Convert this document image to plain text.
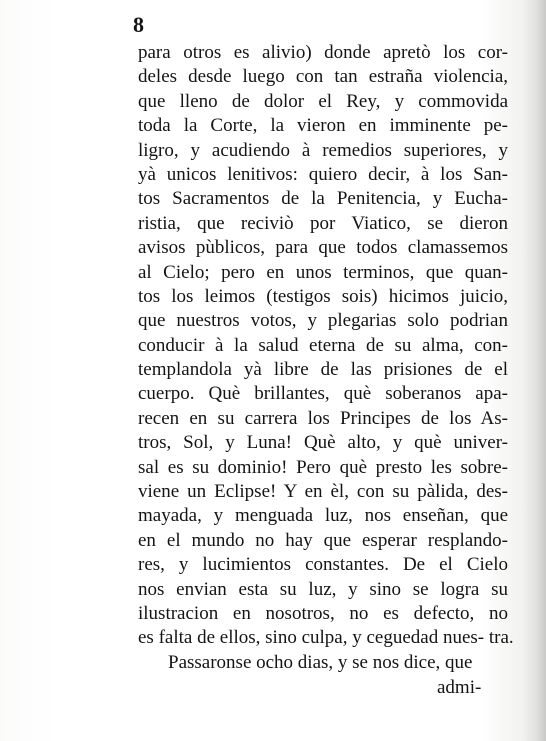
8
para otros es alivio) donde apretò los cor-
deles desde luego con tan estraña violencia,
que lleno de dolor el Rey, y commovida
toda la Corte, la vieron en imminente pe-
ligro, y acudiendo à remedios superiores, y
yà unicos lenitivos: quiero decir, à los San-
tos Sacramentos de la Penitencia, y Eucha-
ristia, que reciviò por Viatico, se dieron
avisos pùblicos, para que todos clamassemos
al Cielo; pero en unos terminos, que quan-
tos los leimos (testigos sois) hicimos juicio,
que nuestros votos, y plegarias solo podrian
conducir à la salud eterna de su alma, con-
templandola yà libre de las prisiones de el
cuerpo. Què brillantes, què soberanos apa-
recen en su carrera los Principes de los As-
tros, Sol, y Luna! Què alto, y què univer-
sal es su dominio! Pero què presto les sobre-
viene un Eclipse! Y en èl, con su pàlida, des-
mayada, y menguada luz, nos enseñan, que
en el mundo no hay que esperar resplando-
res, y lucimientos constantes. De el Cielo
nos envian esta su luz, y sino se logra su
ilustracion en nosotros, no es defecto, no
es falta de ellos, sino culpa, y ceguedad nues- tra.
Passaronse ocho dias, y se nos dice, que
admi-
